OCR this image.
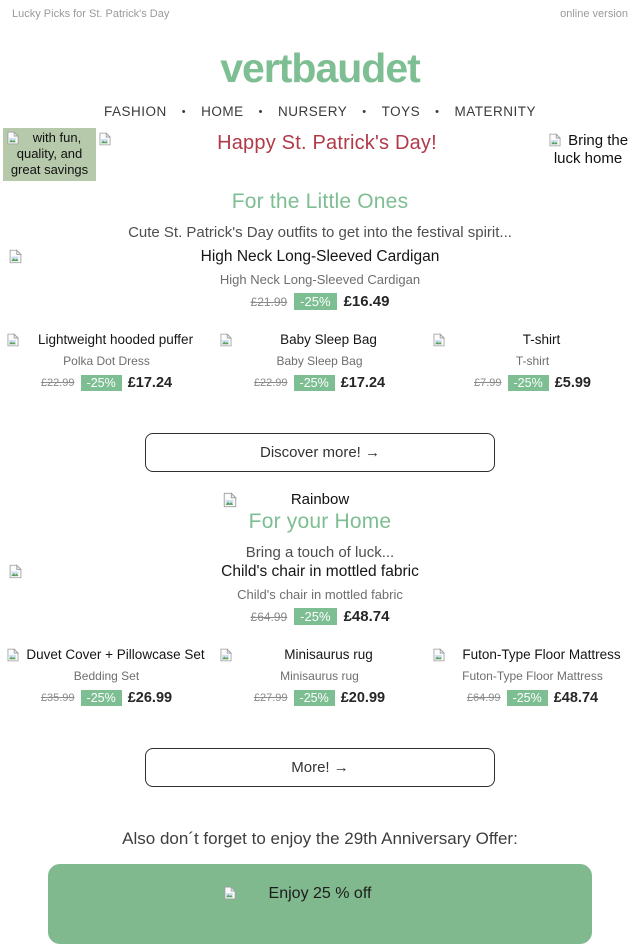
Lucky Picks for St. Patrick's Day	online version
vertbaudet
FASHION • HOME • NURSERY • TOYS • MATERNITY
with fun, quality, and great savings
Happy St. Patrick's Day!	Bring the luck home
For the Little Ones

Cute St. Patrick's Day outfits to get into the festival spirit...

High Neck Long-Sleeved Cardigan
High Neck Long-Sleeved Cardigan
£21.99	-25% £16.49
Lightweight hooded puffer
Polka Dot Dress
£22.99 -25% £17.24
Baby Sleep Bag
Baby Sleep Bag
£22.99 -25% £17.24
T-shirt
T-shirt
£7.99 -25% £5.99
Discover more! →
Rainbow
For your Home

Bring a touch of luck...

Child's chair in mottled fabric
Child's chair in mottled fabric
£64.99	-25% £48.74
Duvet Cover + Pillowcase Set
Bedding Set
£35.99 -25% £26.99
Minisaurus rug
Minisaurus rug
£27.99 -25% £20.99
Futon-Type Floor Mattress
Futon-Type Floor Mattress
£64.99 -25% £48.74
More! →

Also don´t forget to enjoy the 29th Anniversary Offer:

Enjoy 25 % off
